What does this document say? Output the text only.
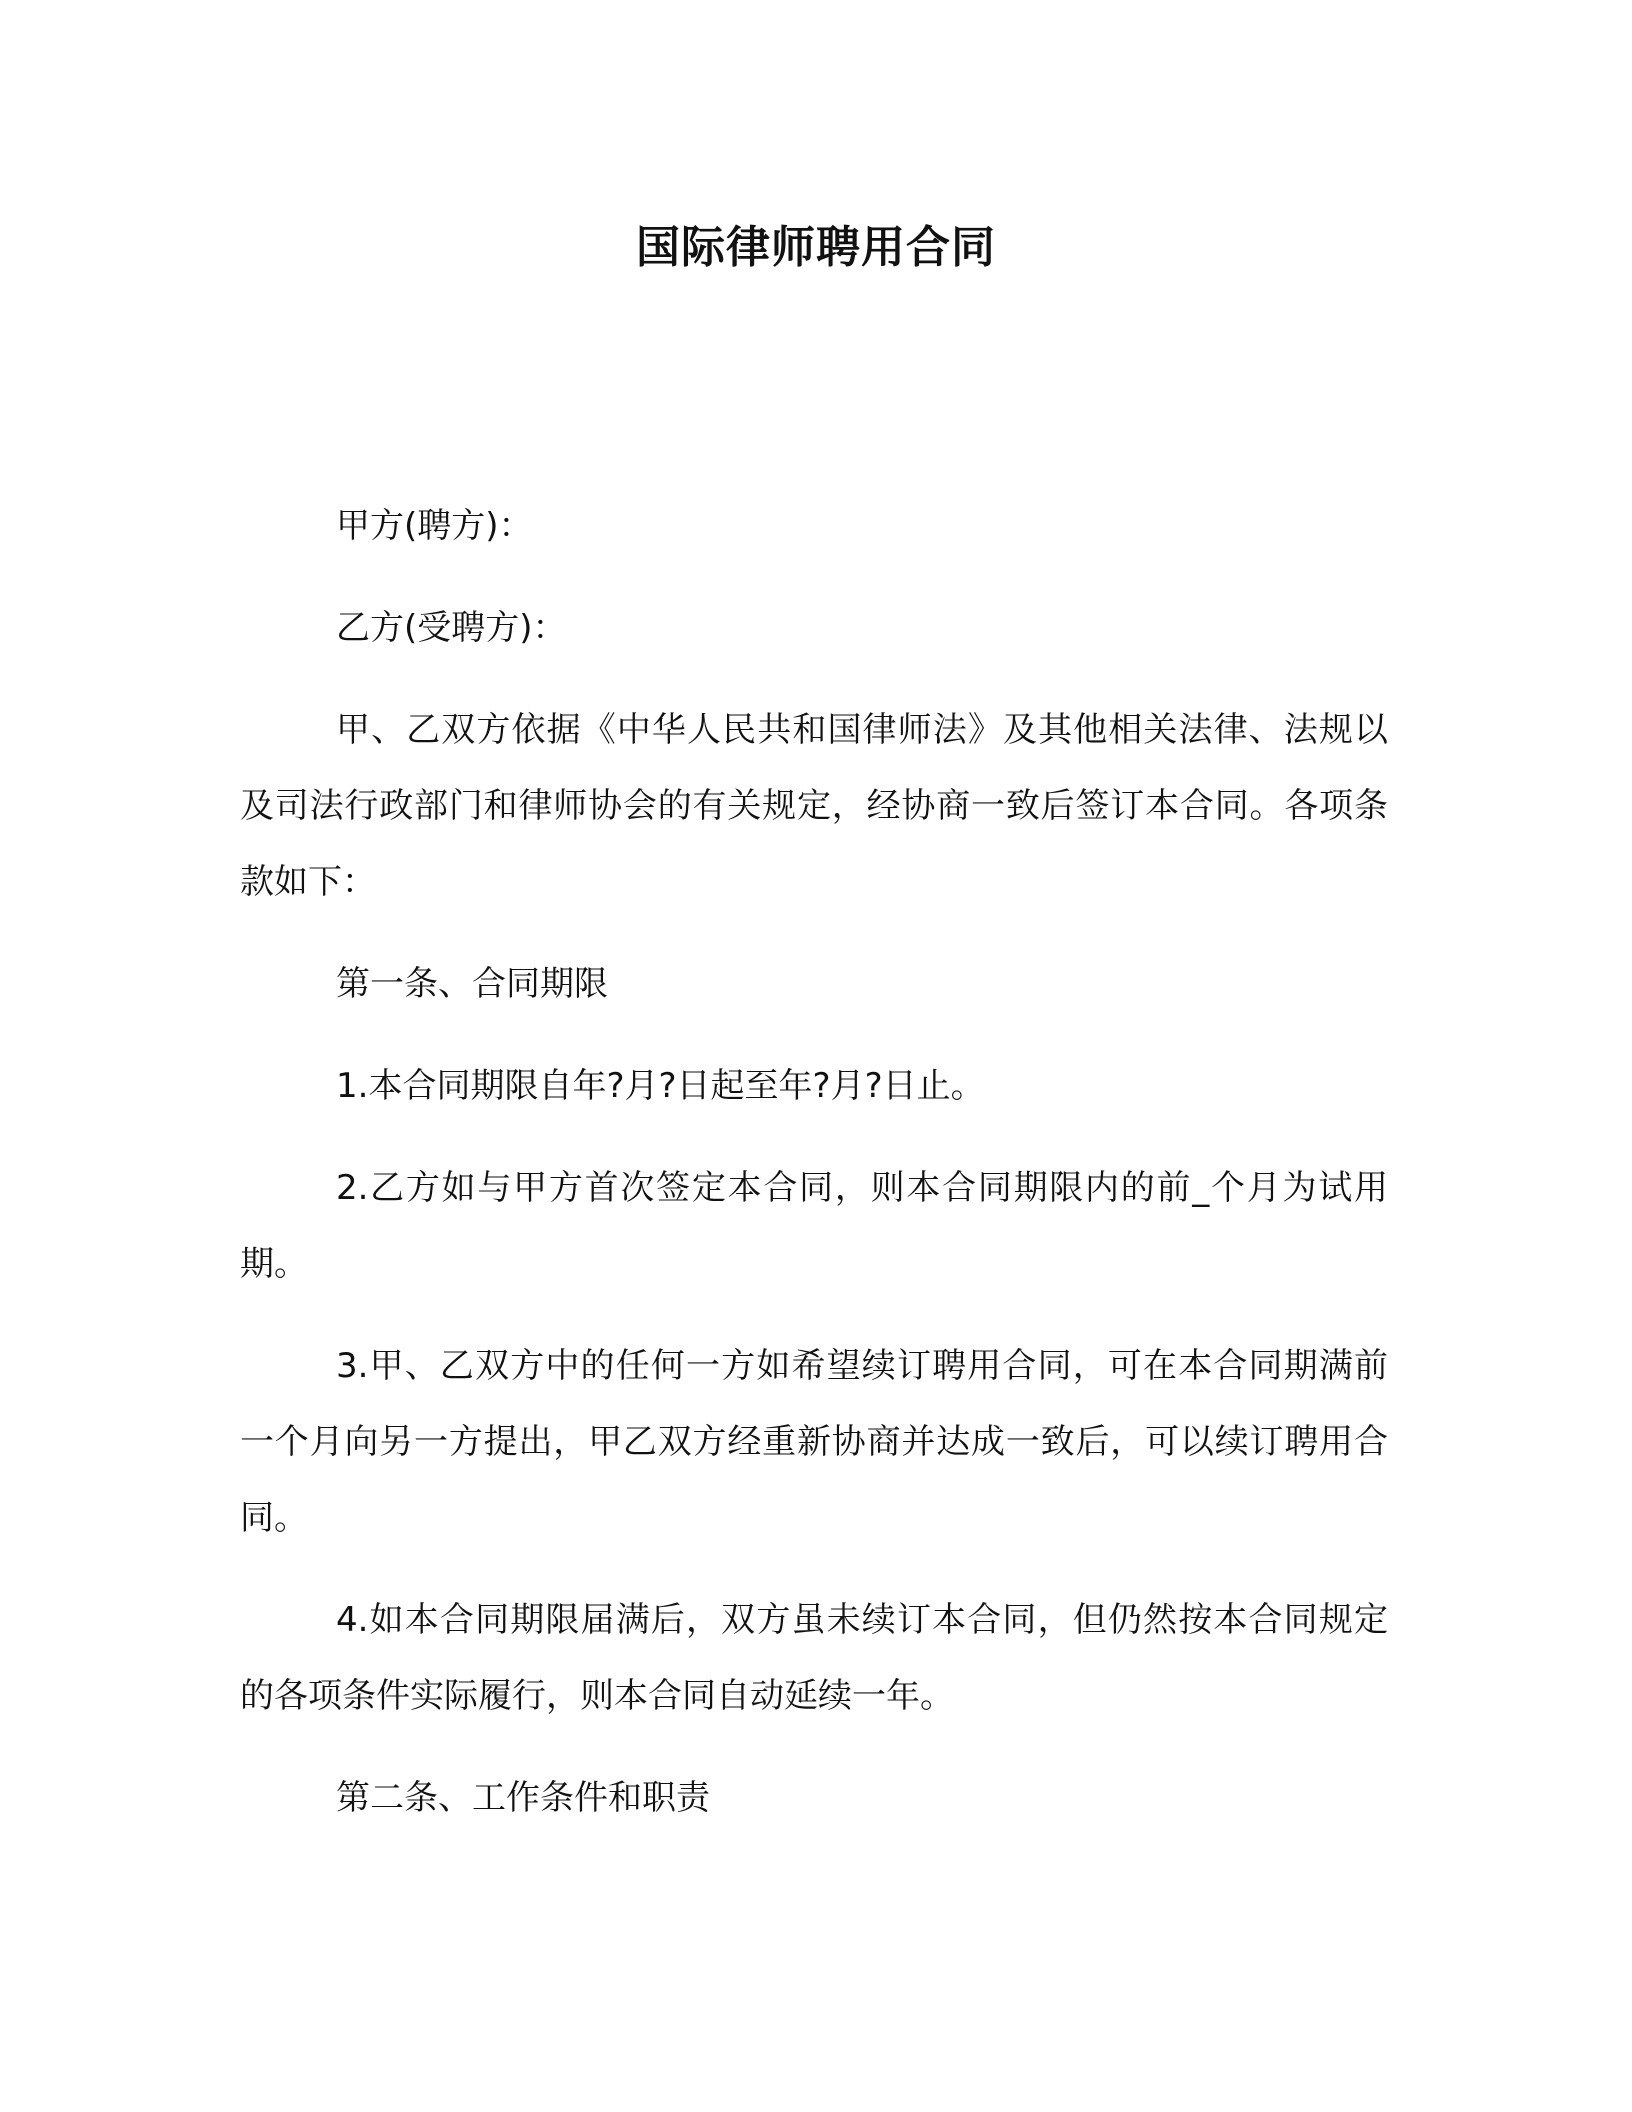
国际律师聘用合同

甲方(聘方)：

乙方(受聘方)：

甲、乙双方依据《中华人民共和国律师法》及其他相关法律、法规以及司法行政部门和律师协会的有关规定，经协商一致后签订本合同。各项条款如下：

第一条、合同期限

1.本合同期限自年?月?日起至年?月?日止。

2.乙方如与甲方首次签定本合同，则本合同期限内的前_个月为试用期。

3.甲、乙双方中的任何一方如希望续订聘用合同，可在本合同期满前一个月向另一方提出，甲乙双方经重新协商并达成一致后，可以续订聘用合同。

4.如本合同期限届满后，双方虽未续订本合同，但仍然按本合同规定的各项条件实际履行，则本合同自动延续一年。

第二条、工作条件和职责
